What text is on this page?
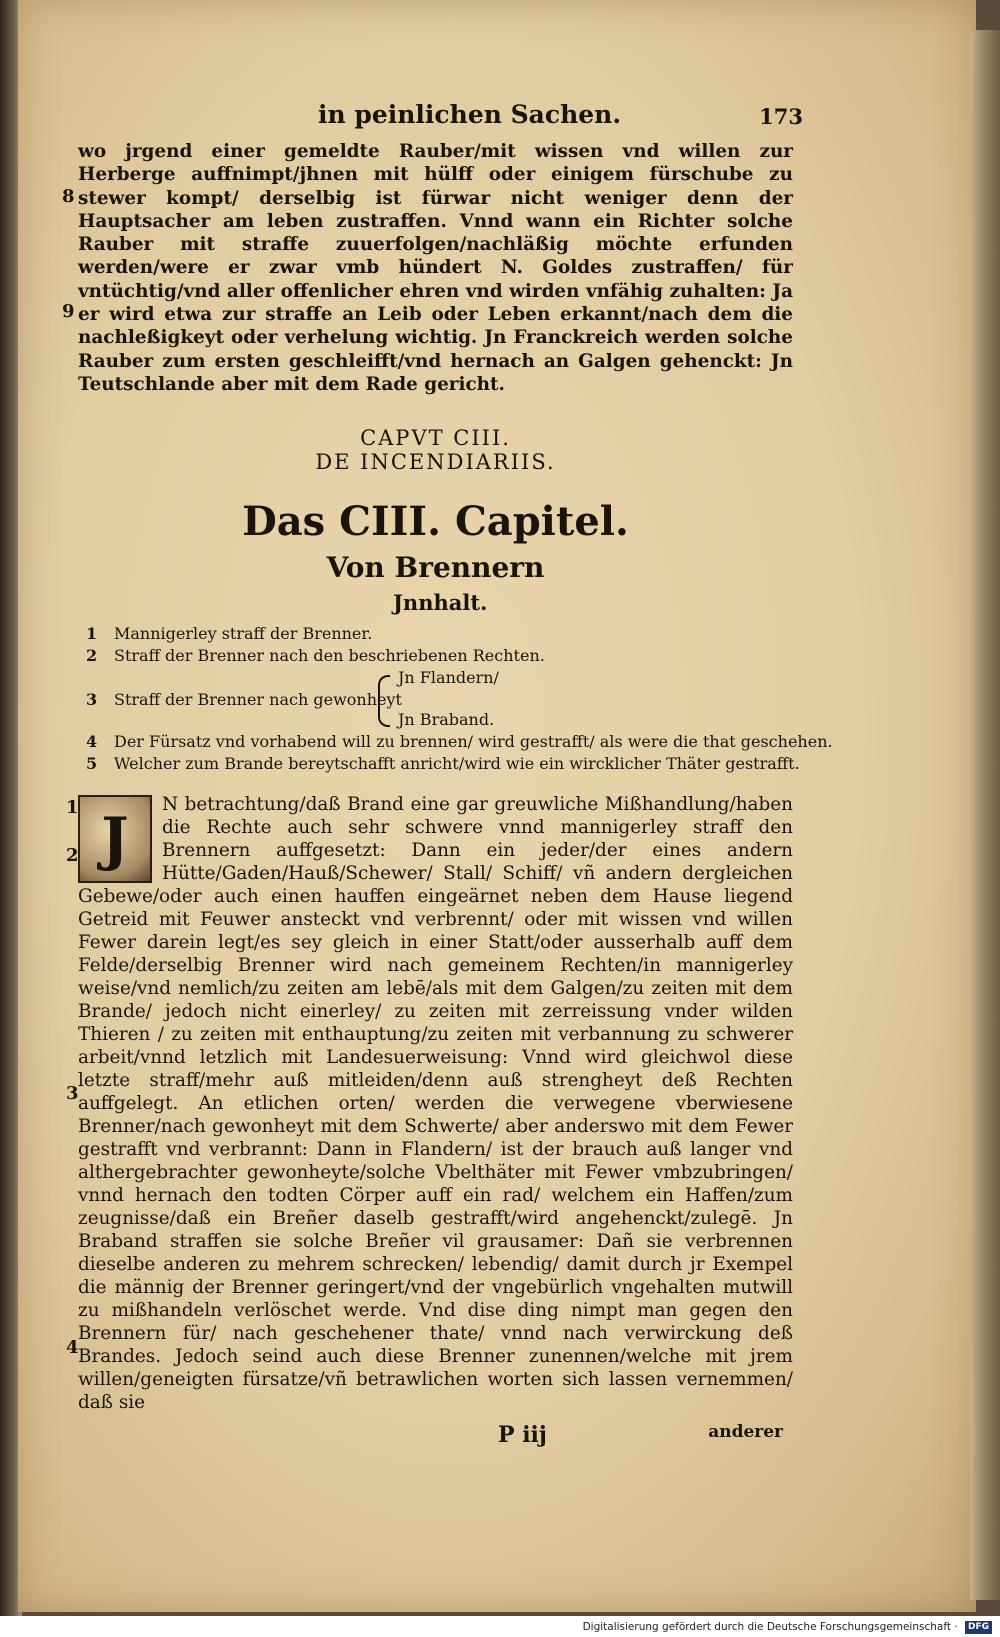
in peinlichen Sachen.	173
8
9

wo jrgend einer gemeldte Rauber/mit wissen vnd willen zur Herberge auffnimpt/jhnen mit hülff oder einigem fürschube zu stewer kompt/ derselbig ist fürwar nicht weniger denn der Hauptsacher am leben zustraffen. Vnnd wann ein Richter solche Rauber mit straffe zuuerfolgen/nachläßig möchte erfunden werden/were er zwar vmb hündert N. Goldes zustraffen/ für vntüchtig/vnd aller offenlicher ehren vnd wirden vnfähig zuhalten: Ja er wird etwa zur straffe an Leib oder Leben erkannt/nach dem die nachleßigkeyt oder verhelung wichtig. Jn Franckreich werden solche Rauber zum ersten geschleifft/vnd hernach an Galgen gehenckt: Jn Teutschlande aber mit dem Rade gericht.

CAPVT CIII.

DE INCENDIARIIS.

Das CIII. Capitel.

Von Brennern

Jnnhalt.

1 Mannigerley straff der Brenner.
2 Straff der Brenner nach den beschriebenen Rechten.
3 Straff der Brenner nach gewonheyt
Jn Flandern/
Jn Braband.
4 Der Fürsatz vnd vorhabend will zu brennen/ wird gestrafft/ als were die that geschehen.
5 Welcher zum Brande bereytschafft anricht/wird wie ein wircklicher Thäter gestrafft.
1
2
3
4
J

N betrachtung/daß Brand eine gar greuwliche Mißhandlung/haben die Rechte auch sehr schwere vnnd mannigerley straff den Brennern auffgesetzt: Dann ein jeder/der eines andern Hütte/Gaden/Hauß/Schewer/ Stall/ Schiff/ vñ andern dergleichen Gebewe/oder auch einen hauffen eingeärnet neben dem Hause liegend Getreid mit Feuwer ansteckt vnd verbrennt/ oder mit wissen vnd willen Fewer darein legt/es sey gleich in einer Statt/oder ausserhalb auff dem Felde/derselbig Brenner wird nach gemeinem Rechten/in mannigerley weise/vnd nemlich/zu zeiten am lebē/als mit dem Galgen/zu zeiten mit dem Brande/ jedoch nicht einerley/ zu zeiten mit zerreissung vnder wilden Thieren / zu zeiten mit enthauptung/zu zeiten mit verbannung zu schwerer arbeit/vnnd letzlich mit Landesuerweisung: Vnnd wird gleichwol diese letzte straff/mehr auß mitleiden/denn auß strengheyt deß Rechten auffgelegt. An etlichen orten/ werden die verwegene vberwiesene Brenner/nach gewonheyt mit dem Schwerte/ aber anderswo mit dem Fewer gestrafft vnd verbrannt: Dann in Flandern/ ist der brauch auß langer vnd althergebrachter gewonheyte/solche Vbelthäter mit Fewer vmbzubringen/ vnnd hernach den todten Cörper auff ein rad/ welchem ein Haffen/zum zeugnisse/daß ein Breñer daselb gestrafft/wird angehenckt/zulegē. Jn Braband straffen sie solche Breñer vil grausamer: Dañ sie verbrennen dieselbe anderen zu mehrem schrecken/ lebendig/ damit durch jr Exempel die männig der Brenner geringert/vnd der vngebürlich vngehalten mutwill zu mißhandeln verlöschet werde. Vnd dise ding nimpt man gegen den Brennern für/ nach geschehener thate/ vnnd nach verwirckung deß Brandes. Jedoch seind auch diese Brenner zunennen/welche mit jrem willen/geneigten fürsatze/vñ betrawlichen worten sich lassen vernemmen/ daß sie

P iij	anderer
Digitalisierung gefördert durch die Deutsche Forschungsgemeinschaft · DFG
